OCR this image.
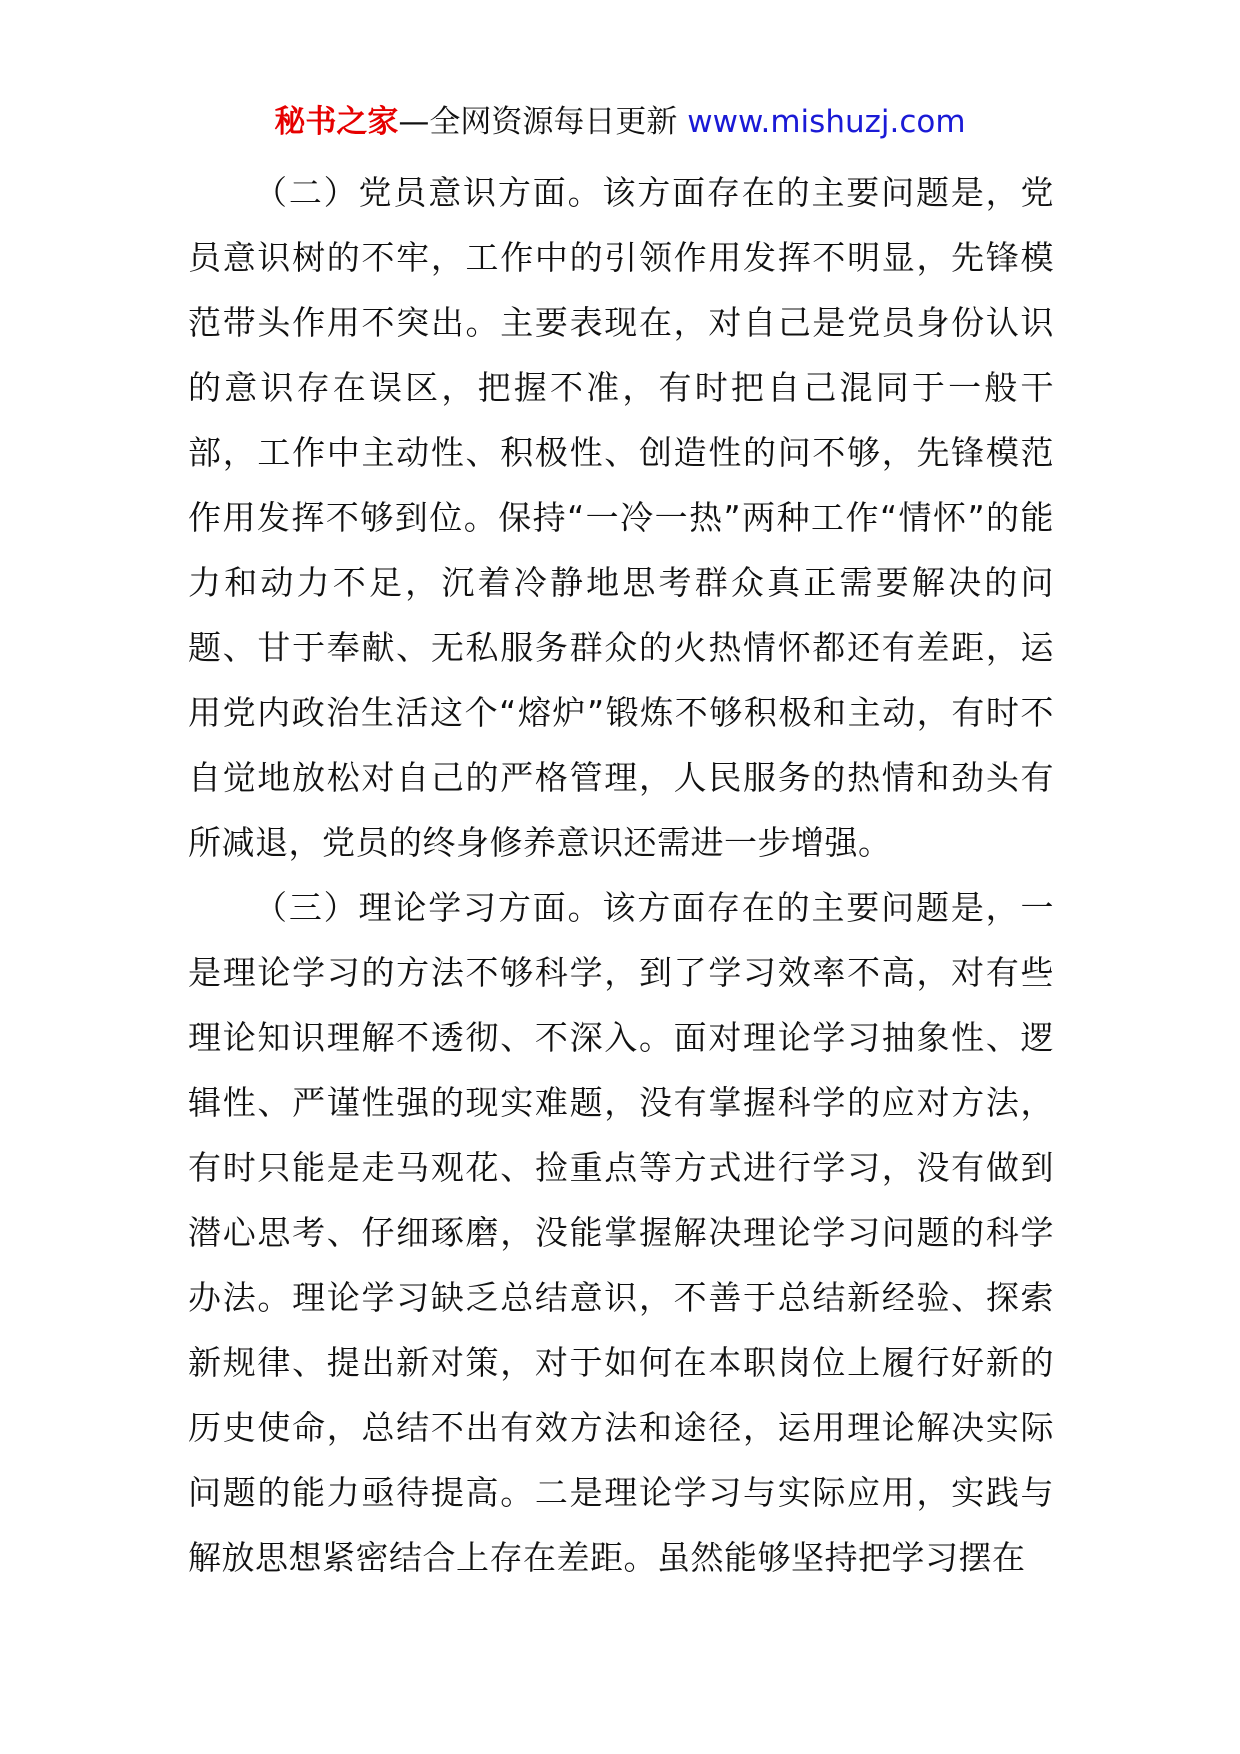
秘书之家—全网资源每日更新 www.mishuzj.com

（二）党员意识方面。该方面存在的主要问题是，党员意识树的不牢，工作中的引领作用发挥不明显，先锋模范带头作用不突出。主要表现在，对自己是党员身份认识的意识存在误区，把握不准，有时把自己混同于一般干部，工作中主动性、积极性、创造性的问不够，先锋模范作用发挥不够到位。保持“一冷一热”两种工作“情怀”的能力和动力不足，沉着冷静地思考群众真正需要解决的问题、甘于奉献、无私服务群众的火热情怀都还有差距，运用党内政治生活这个“熔炉”锻炼不够积极和主动，有时不自觉地放松对自己的严格管理，人民服务的热情和劲头有所减退，党员的终身修养意识还需进一步增强。

（三）理论学习方面。该方面存在的主要问题是，一是理论学习的方法不够科学，到了学习效率不高，对有些理论知识理解不透彻、不深入。面对理论学习抽象性、逻辑性、严谨性强的现实难题，没有掌握科学的应对方法，有时只能是走马观花、捡重点等方式进行学习，没有做到潜心思考、仔细琢磨，没能掌握解决理论学习问题的科学办法。理论学习缺乏总结意识，不善于总结新经验、探索新规律、提出新对策，对于如何在本职岗位上履行好新的历史使命，总结不出有效方法和途径，运用理论解决实际问题的能力亟待提高。二是理论学习与实际应用，实践与解放思想紧密结合上存在差距。虽然能够坚持把学习摆在
